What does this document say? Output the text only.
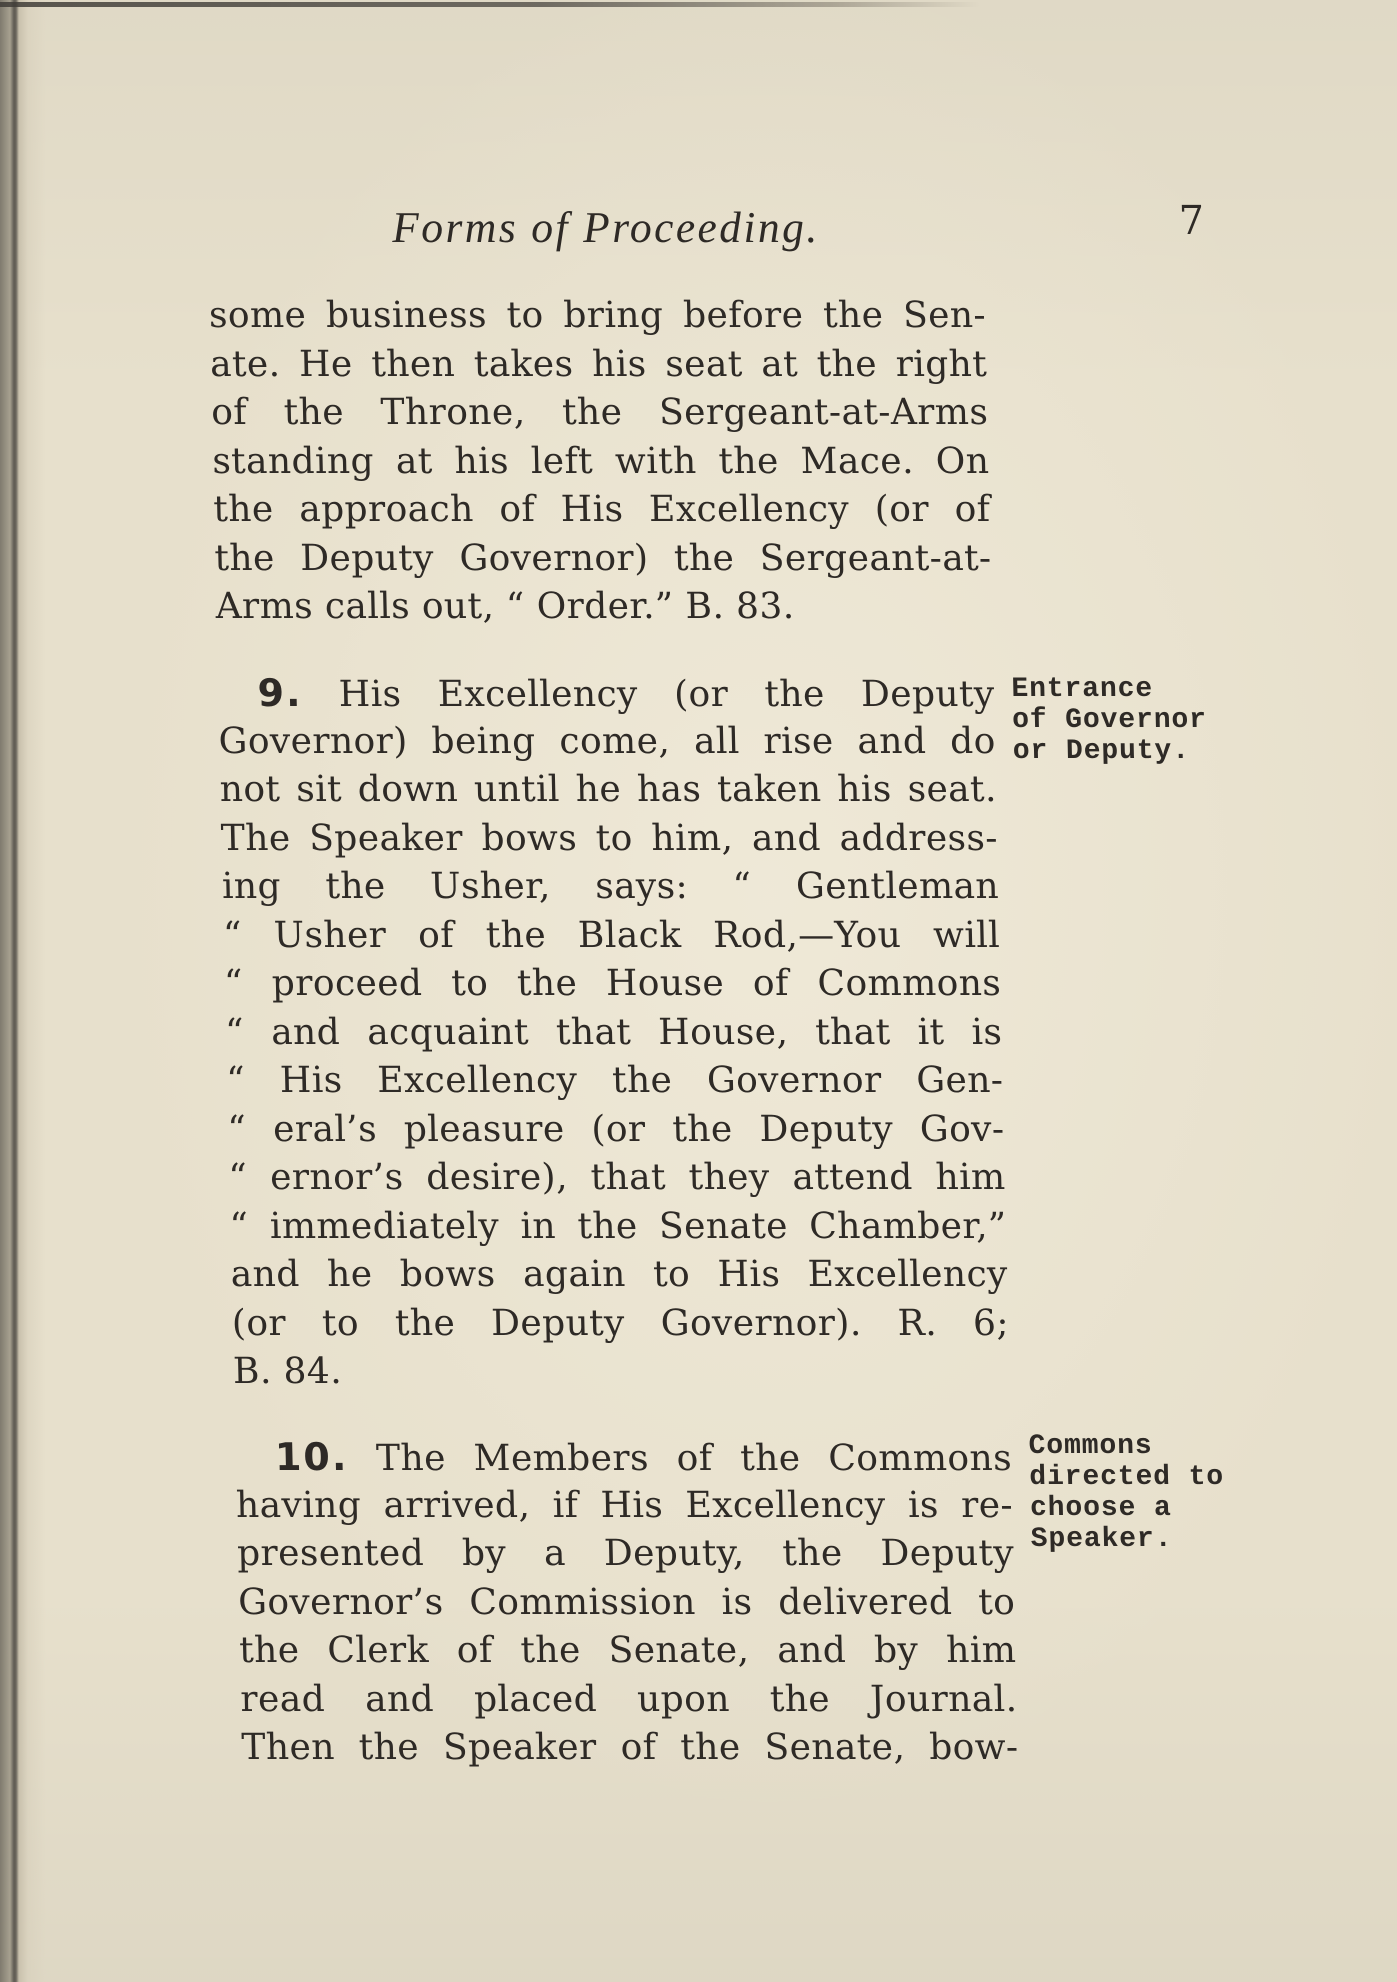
Forms of Proceeding.	7
some business to bring before the Sen-
ate. He then takes his seat at the right
of the Throne, the Sergeant-at-Arms
standing at his left with the Mace. On
the approach of His Excellency (or of
the Deputy Governor) the Sergeant-at-
Arms calls out, “ Order.” B. 83.
9. His Excellency (or the Deputy
Governor) being come, all rise and do
not sit down until he has taken his seat.
The Speaker bows to him, and address-
ing the Usher, says: “ Gentleman
“ Usher of the Black Rod,—You will
“ proceed to the House of Commons
“ and acquaint that House, that it is
“ His Excellency the Governor Gen-
“ eral’s pleasure (or the Deputy Gov-
“ ernor’s desire), that they attend him
“ immediately in the Senate Chamber,”
and he bows again to His Excellency
(or to the Deputy Governor). R. 6;
B. 84.
Entrance
of Governor
or Deputy.
10. The Members of the Commons
having arrived, if His Excellency is re-
presented by a Deputy, the Deputy
Governor’s Commission is delivered to
the Clerk of the Senate, and by him
read and placed upon the Journal.
Then the Speaker of the Senate, bow-
Commons
directed to
choose a
Speaker.
